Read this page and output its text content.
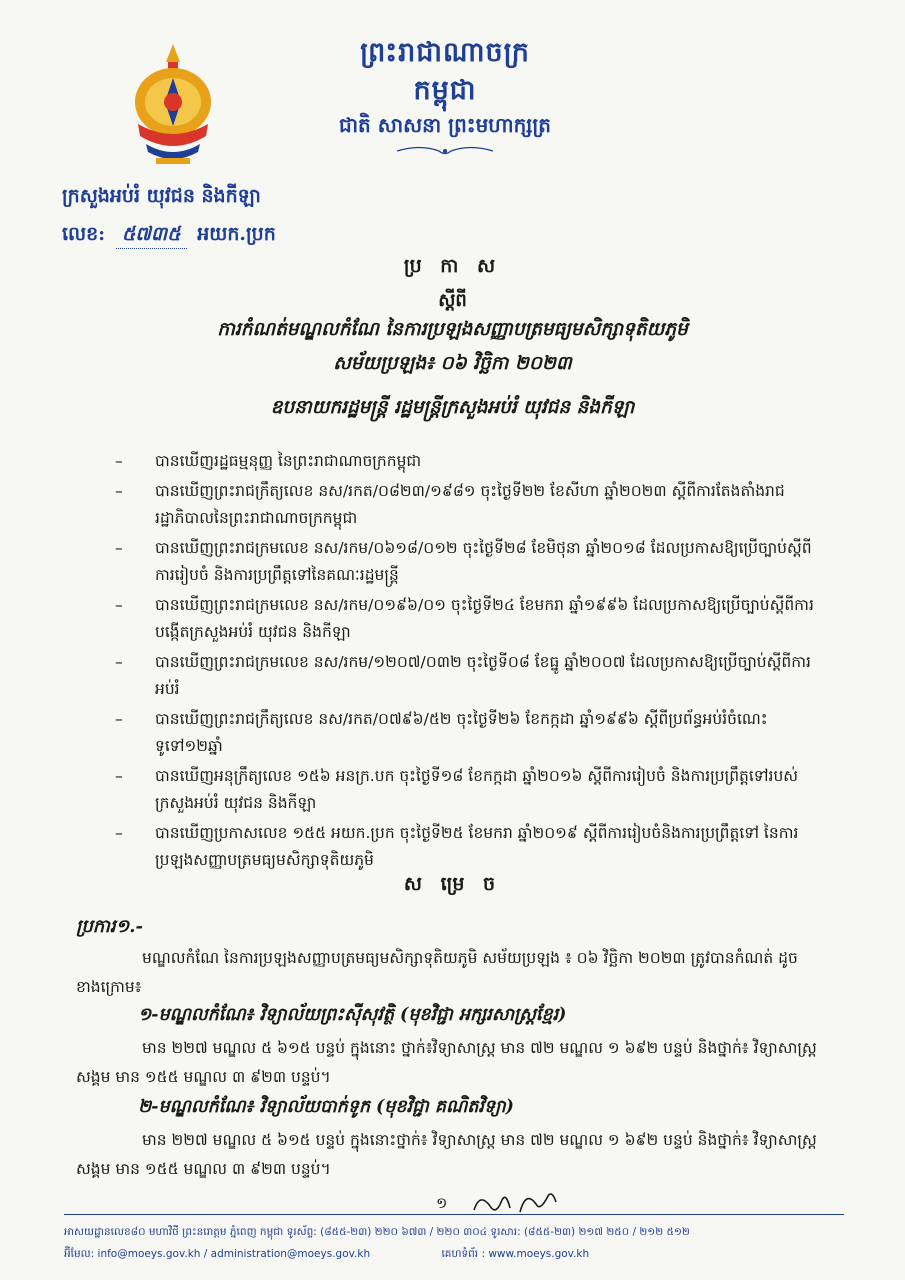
ព្រះរាជាណាចក្រកម្ពុជា
ជាតិ សាសនា ព្រះមហាក្សត្រ
ក្រសួងអប់រំ យុវជន និងកីឡា
លេខ: ៥៧៣៥ អយក.ប្រក
ប្រ កា ស
ស្តីពី
ការកំណត់មណ្ឌលកំណែ នៃការប្រឡងសញ្ញាបត្រមធ្យមសិក្សាទុតិយភូមិ
សម័យប្រឡង៖ ០៦ វិច្ឆិកា ២០២៣
ឧបនាយករដ្ឋមន្ត្រី រដ្ឋមន្ត្រីក្រសួងអប់រំ យុវជន និងកីឡា
– បានឃើញរដ្ឋធម្មនុញ្ញ នៃព្រះរាជាណាចក្រកម្ពុជា
– បានឃើញព្រះរាជក្រឹត្យលេខ នស/រកត/០៨២៣/១៩៨១ ចុះថ្ងៃទី២២ ខែសីហា ឆ្នាំ២០២៣ ស្តីពីការតែងតាំងរាជរដ្ឋាភិបាលនៃព្រះរាជាណាចក្រកម្ពុជា
– បានឃើញព្រះរាជក្រមលេខ នស/រកម/០៦១៨/០១២ ចុះថ្ងៃទី២៨ ខែមិថុនា ឆ្នាំ២០១៨ ដែលប្រកាសឱ្យប្រើច្បាប់ស្តីពីការរៀបចំ និងការប្រព្រឹត្តទៅនៃគណៈរដ្ឋមន្ត្រី
– បានឃើញព្រះរាជក្រមលេខ នស/រកម/០១៩៦/០១ ចុះថ្ងៃទី២៤ ខែមករា ឆ្នាំ១៩៩៦ ដែលប្រកាសឱ្យប្រើច្បាប់ស្តីពីការបង្កើតក្រសួងអប់រំ យុវជន និងកីឡា
– បានឃើញព្រះរាជក្រមលេខ នស/រកម/១២០៧/០៣២ ចុះថ្ងៃទី០៨ ខែធ្នូ ឆ្នាំ២០០៧ ដែលប្រកាសឱ្យប្រើច្បាប់ស្តីពីការអប់រំ
– បានឃើញព្រះរាជក្រឹត្យលេខ នស/រកត/០៧៩៦/៥២ ចុះថ្ងៃទី២៦ ខែកក្កដា ឆ្នាំ១៩៩៦ ស្តីពីប្រព័ន្ធអប់រំចំណេះទូទៅ១២ឆ្នាំ
– បានឃើញអនុក្រឹត្យលេខ ១៥៦ អនក្រ.បក ចុះថ្ងៃទី១៨ ខែកក្កដា ឆ្នាំ២០១៦ ស្តីពីការរៀបចំ និងការប្រព្រឹត្តទៅរបស់ក្រសួងអប់រំ យុវជន និងកីឡា
– បានឃើញប្រកាសលេខ ១៥៥ អយក.ប្រក ចុះថ្ងៃទី២៥ ខែមករា ឆ្នាំ២០១៩ ស្តីពីការរៀបចំនិងការប្រព្រឹត្តទៅ នៃការប្រឡងសញ្ញាបត្រមធ្យមសិក្សាទុតិយភូមិ
ស ម្រេ ច
ប្រការ១.-
មណ្ឌលកំណែ នៃការប្រឡងសញ្ញាបត្រមធ្យមសិក្សាទុតិយភូមិ សម័យប្រឡង ៖ ០៦ វិច្ឆិកា ២០២៣ ត្រូវបានកំណត់ ដូចខាងក្រោម៖
១-មណ្ឌលកំណែ៖ វិទ្យាល័យព្រះស៊ីសុវត្ថិ (មុខវិជ្ជា អក្សរសាស្ត្រខ្មែរ)
មាន ២២៧ មណ្ឌល ៥ ៦១៥ បន្ទប់ ក្នុងនោះ ថ្នាក់៖វិទ្យាសាស្ត្រ មាន ៧២ មណ្ឌល ១ ៦៩២ បន្ទប់ និងថ្នាក់៖ វិទ្យាសាស្ត្រសង្គម មាន ១៥៥ មណ្ឌល ៣ ៩២៣ បន្ទប់។
២-មណ្ឌលកំណែ៖ វិទ្យាល័យបាក់ទូក (មុខវិជ្ជា គណិតវិទ្យា)
មាន ២២៧ មណ្ឌល ៥ ៦១៥ បន្ទប់ ក្នុងនោះថ្នាក់៖ វិទ្យាសាស្ត្រ មាន ៧២ មណ្ឌល ១ ៦៩២ បន្ទប់ និងថ្នាក់៖ វិទ្យាសាស្ត្រសង្គម មាន ១៥៥ មណ្ឌល ៣ ៩២៣ បន្ទប់។
១
អាសយដ្ឋានលេខ៨០ មហាវិថី ព្រះនរោត្តម ភ្នំពេញ កម្ពុជា ទូរស័ព្ទ: (៨៥៥-២៣) ២២០ ៦៧៣ / ២២០ ៣០៤ ទូរសារ: (៨៥៥-២៣) ២១៧ ២៥០ / ២១២ ៥១២
អ៊ីមែល: info@moeys.gov.kh / administration@moeys.gov.kh	គេហទំព័រ : www.moeys.gov.kh
